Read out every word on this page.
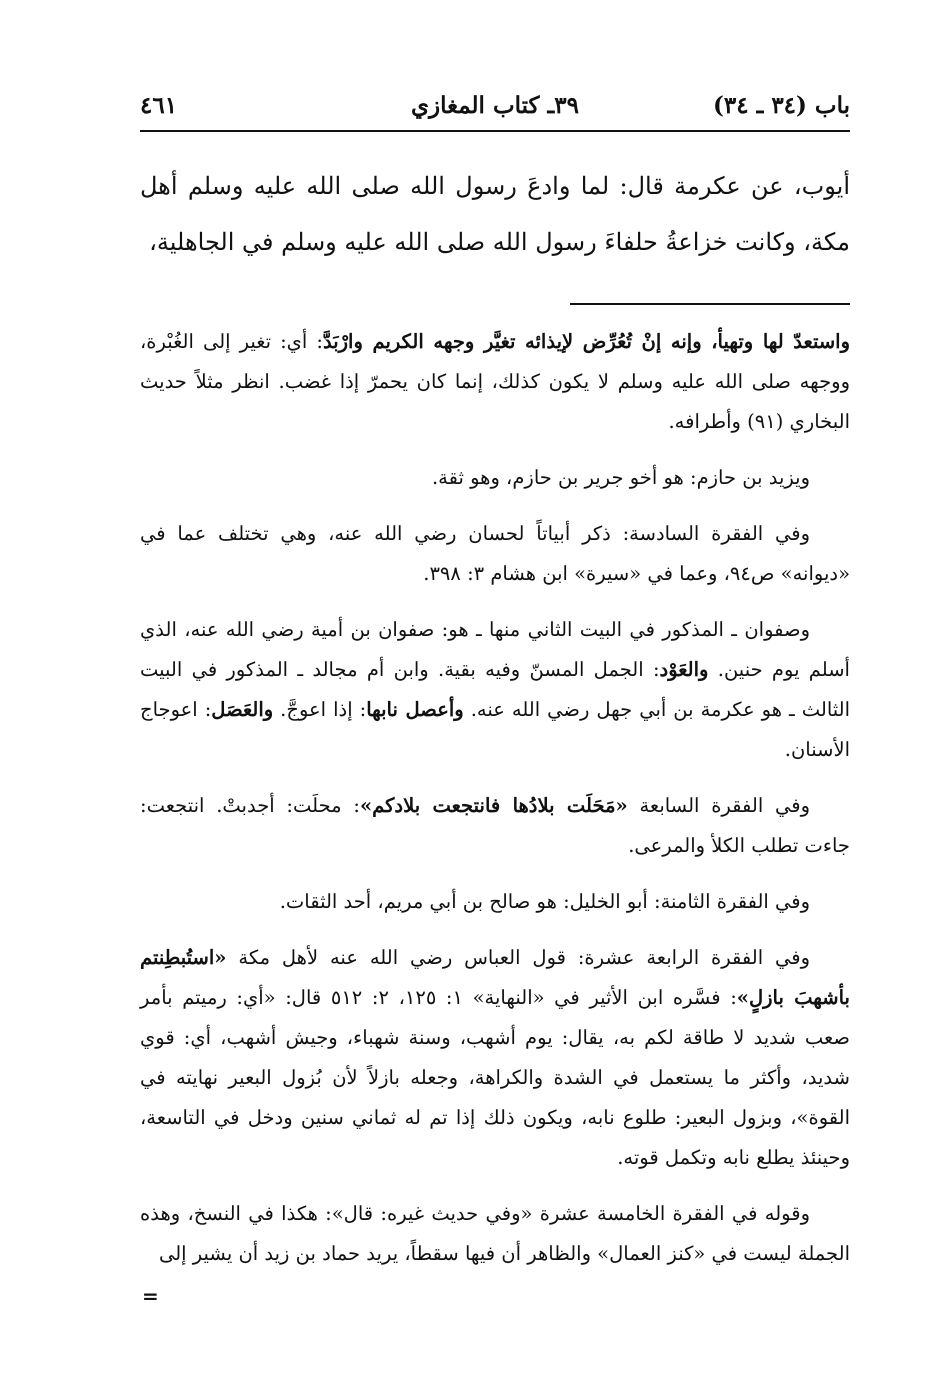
باب (٣٤ ـ ٣٤)
٣٩ـ كتاب المغازي
٤٦١

أيوب، عن عكرمة قال: لما وادعَ رسول الله صلى الله عليه وسلم أهل مكة، وكانت خزاعةُ حلفاءَ رسول الله صلى الله عليه وسلم في الجاهلية،

واستعدّ لها وتهيأ، وإنه إنْ تُعُرِّض لإيذائه تغيَّر وجهه الكريم وارْبَدَّ: أي: تغير إلى الغُبْرة، ووجهه صلى الله عليه وسلم لا يكون كذلك، إنما كان يحمرّ إذا غضب. انظر مثلاً حديث البخاري (٩١) وأطرافه.

ويزيد بن حازم: هو أخو جرير بن حازم، وهو ثقة.

وفي الفقرة السادسة: ذكر أبياتاً لحسان رضي الله عنه، وهي تختلف عما في «ديوانه» ص٩٤، وعما في «سيرة» ابن هشام ٣: ٣٩٨.

وصفوان ـ المذكور في البيت الثاني منها ـ هو: صفوان بن أمية رضي الله عنه، الذي أسلم يوم حنين. والعَوْد: الجمل المسنّ وفيه بقية. وابن أم مجالد ـ المذكور في البيت الثالث ـ هو عكرمة بن أبي جهل رضي الله عنه. وأعصل نابها: إذا اعوجَّ. والعَصَل: اعوجاج الأسنان.

وفي الفقرة السابعة «مَحَلَت بلادُها فانتجعت بلادكم»: محلَت: أجدبتْ. انتجعت: جاءت تطلب الكلأ والمرعى.

وفي الفقرة الثامنة: أبو الخليل: هو صالح بن أبي مريم، أحد الثقات.

وفي الفقرة الرابعة عشرة: قول العباس رضي الله عنه لأهل مكة «استُبطِنتم بأشهبَ بازلٍ»: فسَّره ابن الأثير في «النهاية» ١: ١٢٥، ٢: ٥١٢ قال: «أي: رميتم بأمر صعب شديد لا طاقة لكم به، يقال: يوم أشهب، وسنة شهباء، وجيش أشهب، أي: قوي شديد، وأكثر ما يستعمل في الشدة والكراهة، وجعله بازلاً لأن بُزول البعير نهايته في القوة»، وبزول البعير: طلوع نابه، ويكون ذلك إذا تم له ثماني سنين ودخل في التاسعة، وحينئذ يطلع نابه وتكمل قوته.

وقوله في الفقرة الخامسة عشرة «وفي حديث غيره: قال»: هكذا في النسخ، وهذه الجملة ليست في «كنز العمال» والظاهر أن فيها سقطاً، يريد حماد بن زيد أن يشير إلى

=
